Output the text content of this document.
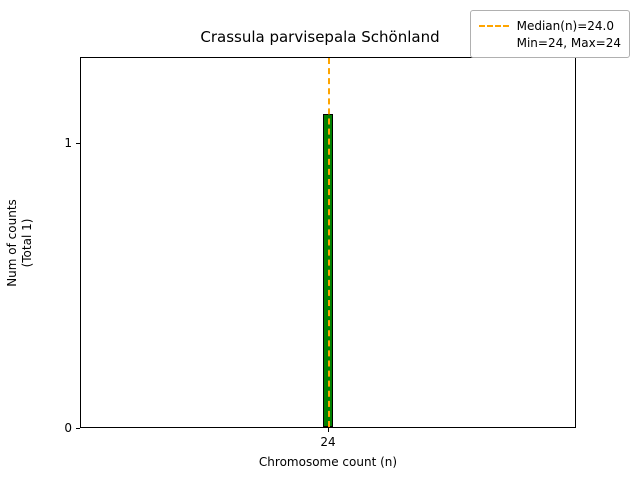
Crassula parvisepala Schönland
0
1
24
Chromosome count (n)
Num of counts
(Total 1)
Median(n)=24.0
Min=24, Max=24
